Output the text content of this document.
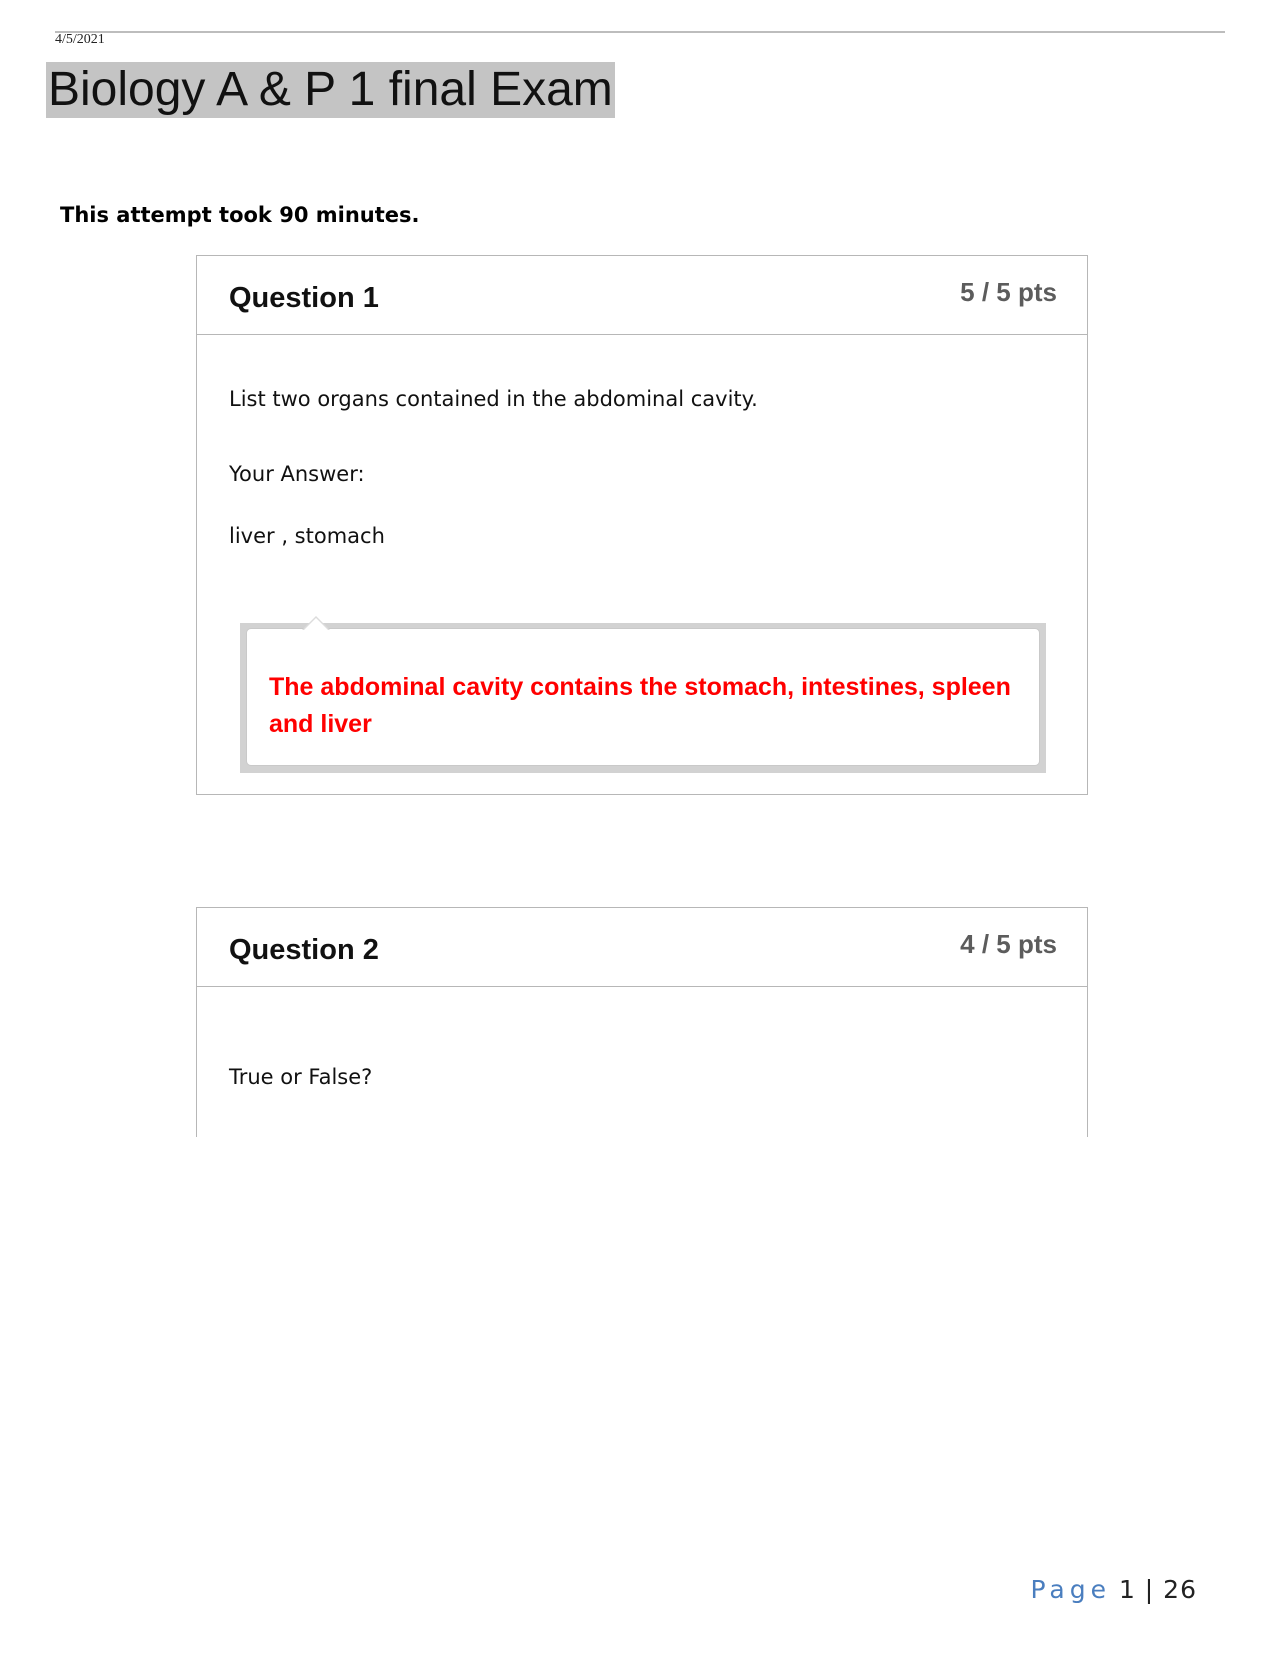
4/5/2021
Biology A & P 1 final Exam
This attempt took 90 minutes.
Question 1	5 / 5 pts
List two organs contained in the abdominal cavity.
Your Answer:
liver , stomach
The abdominal cavity contains the stomach, intestines, spleen and liver
Question 2	4 / 5 pts
True or False?
Page 1 | 26
